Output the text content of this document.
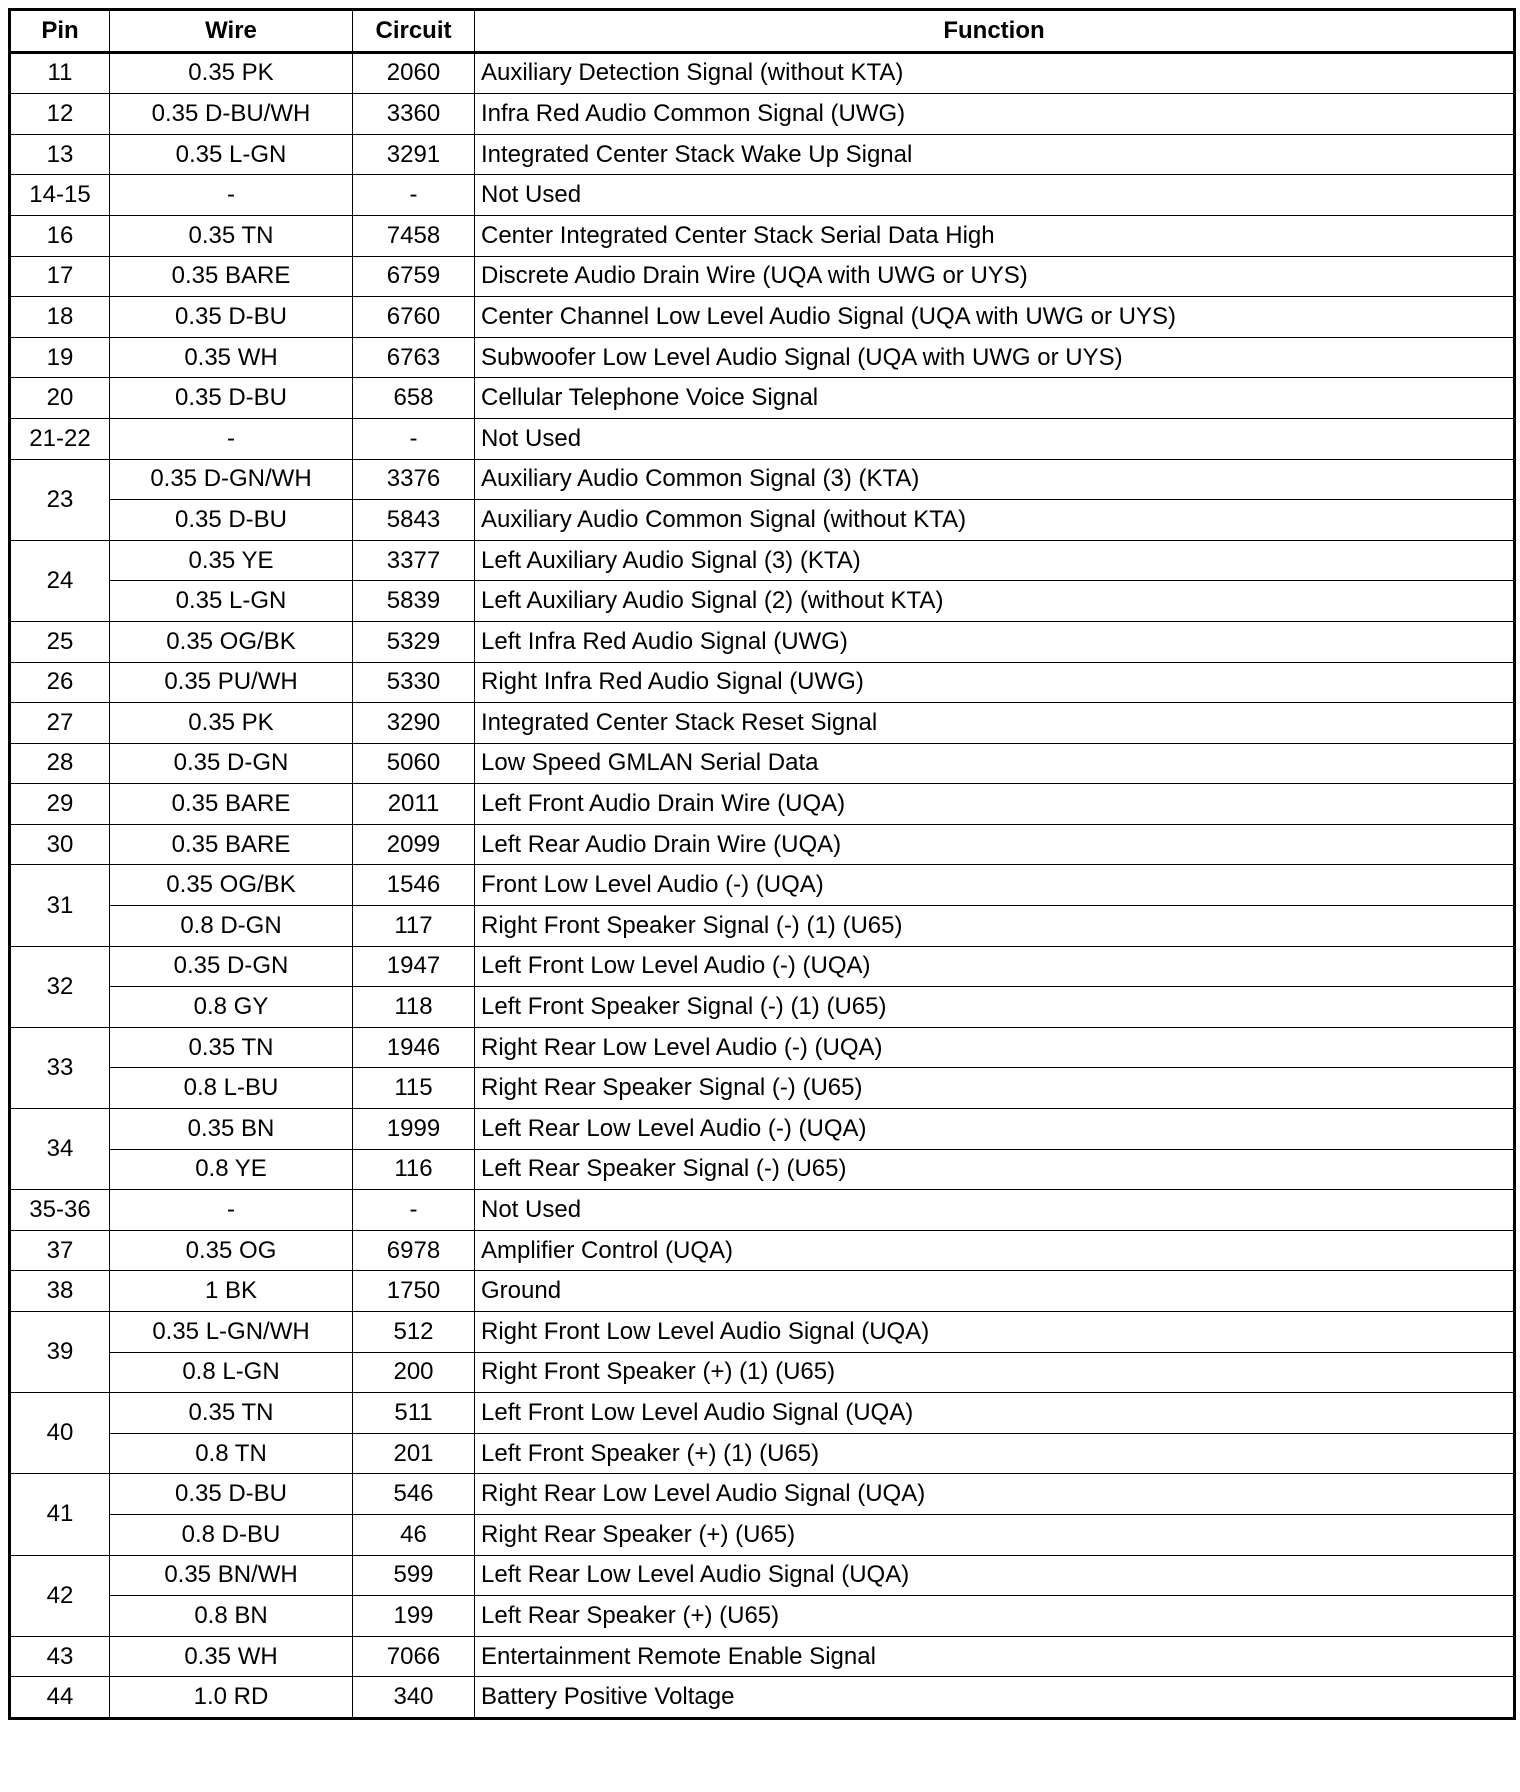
Pin	Wire	Circuit	Function
11	0.35 PK	2060	Auxiliary Detection Signal (without KTA)
12	0.35 D-BU/WH	3360	Infra Red Audio Common Signal (UWG)
13	0.35 L-GN	3291	Integrated Center Stack Wake Up Signal
14-15	-	-	Not Used
16	0.35 TN	7458	Center Integrated Center Stack Serial Data High
17	0.35 BARE	6759	Discrete Audio Drain Wire (UQA with UWG or UYS)
18	0.35 D-BU	6760	Center Channel Low Level Audio Signal (UQA with UWG or UYS)
19	0.35 WH	6763	Subwoofer Low Level Audio Signal (UQA with UWG or UYS)
20	0.35 D-BU	658	Cellular Telephone Voice Signal
21-22	-	-	Not Used
23	0.35 D-GN/WH	3376	Auxiliary Audio Common Signal (3) (KTA)
	0.35 D-BU	5843	Auxiliary Audio Common Signal (without KTA)
24	0.35 YE	3377	Left Auxiliary Audio Signal (3) (KTA)
	0.35 L-GN	5839	Left Auxiliary Audio Signal (2) (without KTA)
25	0.35 OG/BK	5329	Left Infra Red Audio Signal (UWG)
26	0.35 PU/WH	5330	Right Infra Red Audio Signal (UWG)
27	0.35 PK	3290	Integrated Center Stack Reset Signal
28	0.35 D-GN	5060	Low Speed GMLAN Serial Data
29	0.35 BARE	2011	Left Front Audio Drain Wire (UQA)
30	0.35 BARE	2099	Left Rear Audio Drain Wire (UQA)
31	0.35 OG/BK	1546	Front Low Level Audio (-) (UQA)
	0.8 D-GN	117	Right Front Speaker Signal (-) (1) (U65)
32	0.35 D-GN	1947	Left Front Low Level Audio (-) (UQA)
	0.8 GY	118	Left Front Speaker Signal (-) (1) (U65)
33	0.35 TN	1946	Right Rear Low Level Audio (-) (UQA)
	0.8 L-BU	115	Right Rear Speaker Signal (-) (U65)
34	0.35 BN	1999	Left Rear Low Level Audio (-) (UQA)
	0.8 YE	116	Left Rear Speaker Signal (-) (U65)
35-36	-	-	Not Used
37	0.35 OG	6978	Amplifier Control (UQA)
38	1 BK	1750	Ground
39	0.35 L-GN/WH	512	Right Front Low Level Audio Signal (UQA)
	0.8 L-GN	200	Right Front Speaker (+) (1) (U65)
40	0.35 TN	511	Left Front Low Level Audio Signal (UQA)
	0.8 TN	201	Left Front Speaker (+) (1) (U65)
41	0.35 D-BU	546	Right Rear Low Level Audio Signal (UQA)
	0.8 D-BU	46	Right Rear Speaker (+) (U65)
42	0.35 BN/WH	599	Left Rear Low Level Audio Signal (UQA)
	0.8 BN	199	Left Rear Speaker (+) (U65)
43	0.35 WH	7066	Entertainment Remote Enable Signal
44	1.0 RD	340	Battery Positive Voltage
